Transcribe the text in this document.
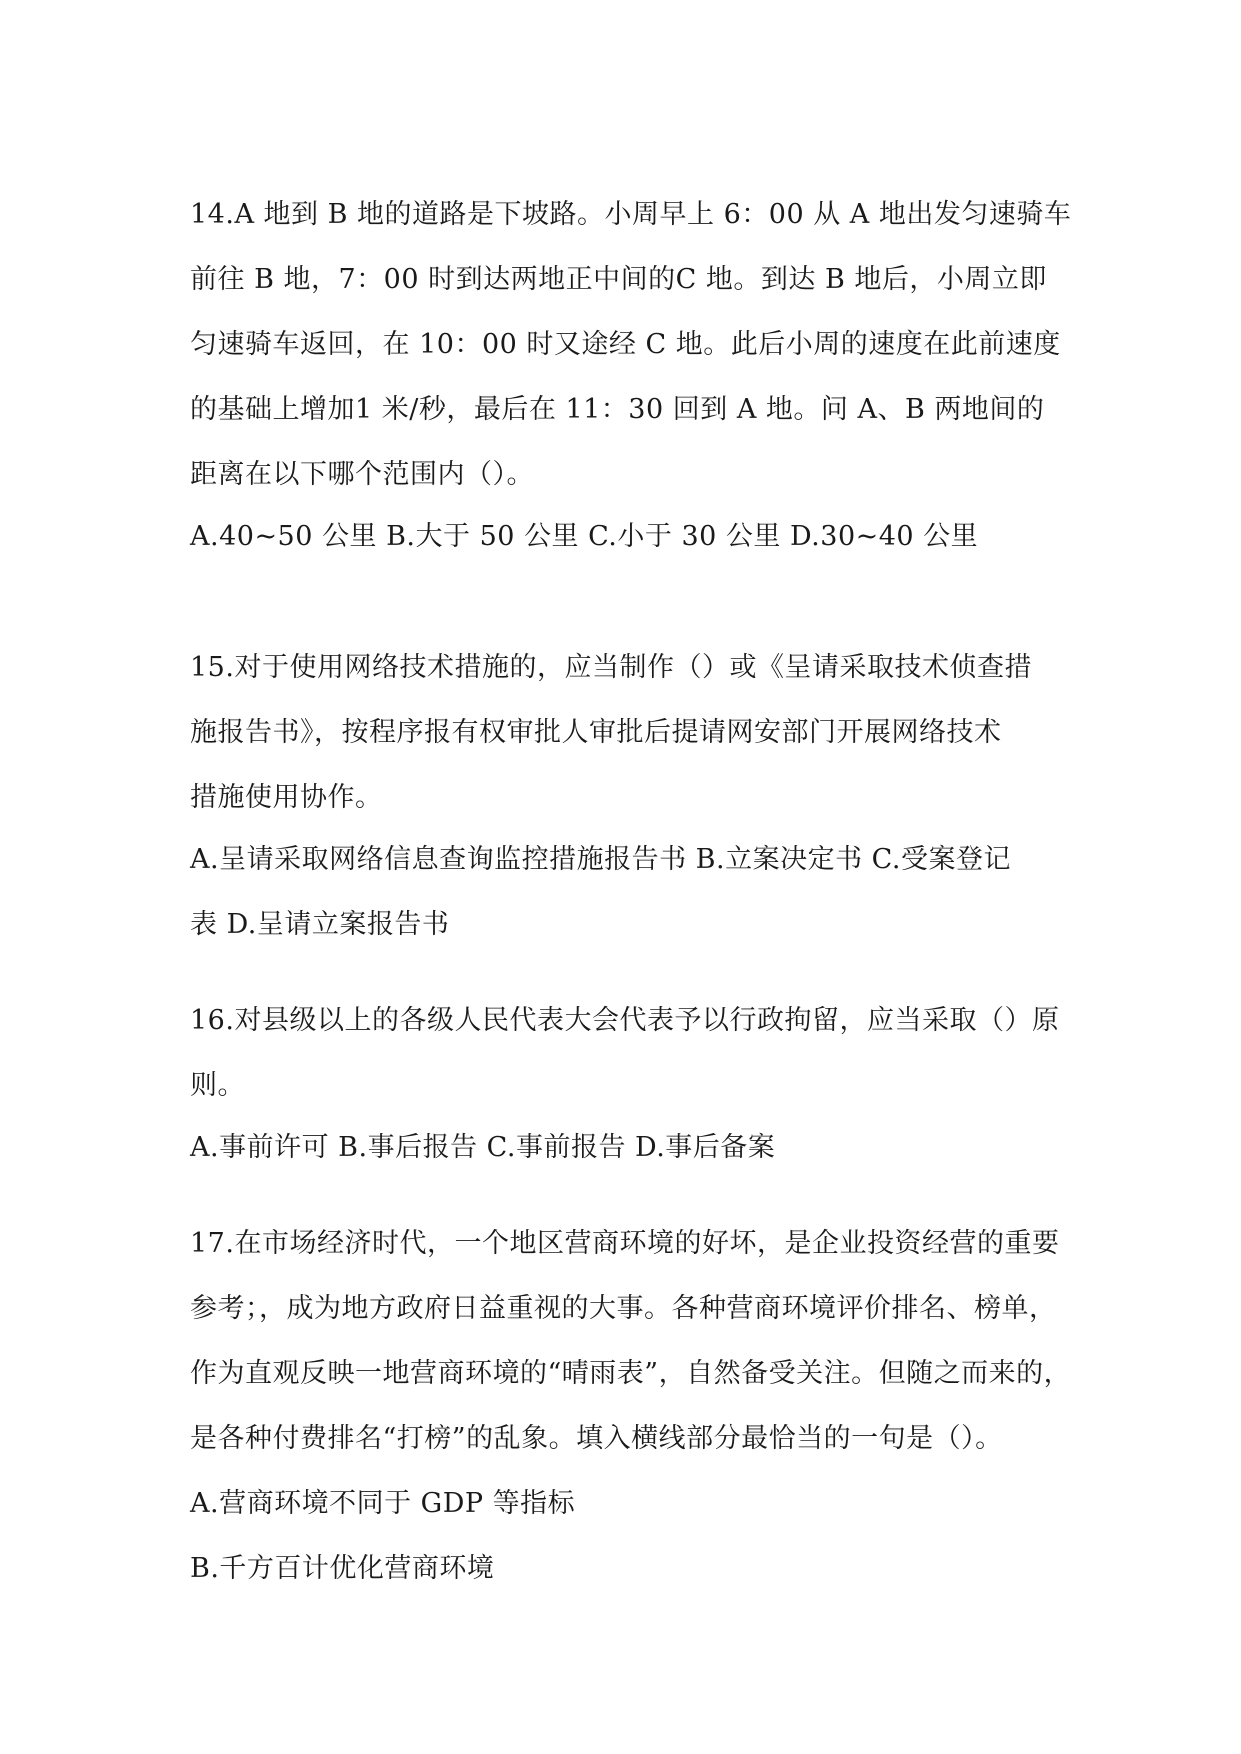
14.A 地到 B 地的道路是下坡路。小周早上 6：00 从 A 地出发匀速骑车
前往 B 地，7：00 时到达两地正中间的C 地。到达 B 地后，小周立即
匀速骑车返回，在 10：00 时又途经 C 地。此后小周的速度在此前速度
的基础上增加1 米/秒，最后在 11：30 回到 A 地。问 A、B 两地间的
距离在以下哪个范围内（）。
A.40~50 公里 B.大于 50 公里 C.小于 30 公里 D.30~40 公里
15.对于使用网络技术措施的，应当制作（）或《呈请采取技术侦查措
施报告书》，按程序报有权审批人审批后提请网安部门开展网络技术
措施使用协作。
A.呈请采取网络信息查询监控措施报告书 B.立案决定书 C.受案登记
表 D.呈请立案报告书
16.对县级以上的各级人民代表大会代表予以行政拘留，应当采取（）原
则。
A.事前许可 B.事后报告 C.事前报告 D.事后备案
17.在市场经济时代，一个地区营商环境的好坏，是企业投资经营的重要
参考；，成为地方政府日益重视的大事。各种营商环境评价排名、榜单，
作为直观反映一地营商环境的“晴雨表”，自然备受关注。但随之而来的，
是各种付费排名“打榜”的乱象。填入横线部分最恰当的一句是（）。
A.营商环境不同于 GDP 等指标
B.千方百计优化营商环境
